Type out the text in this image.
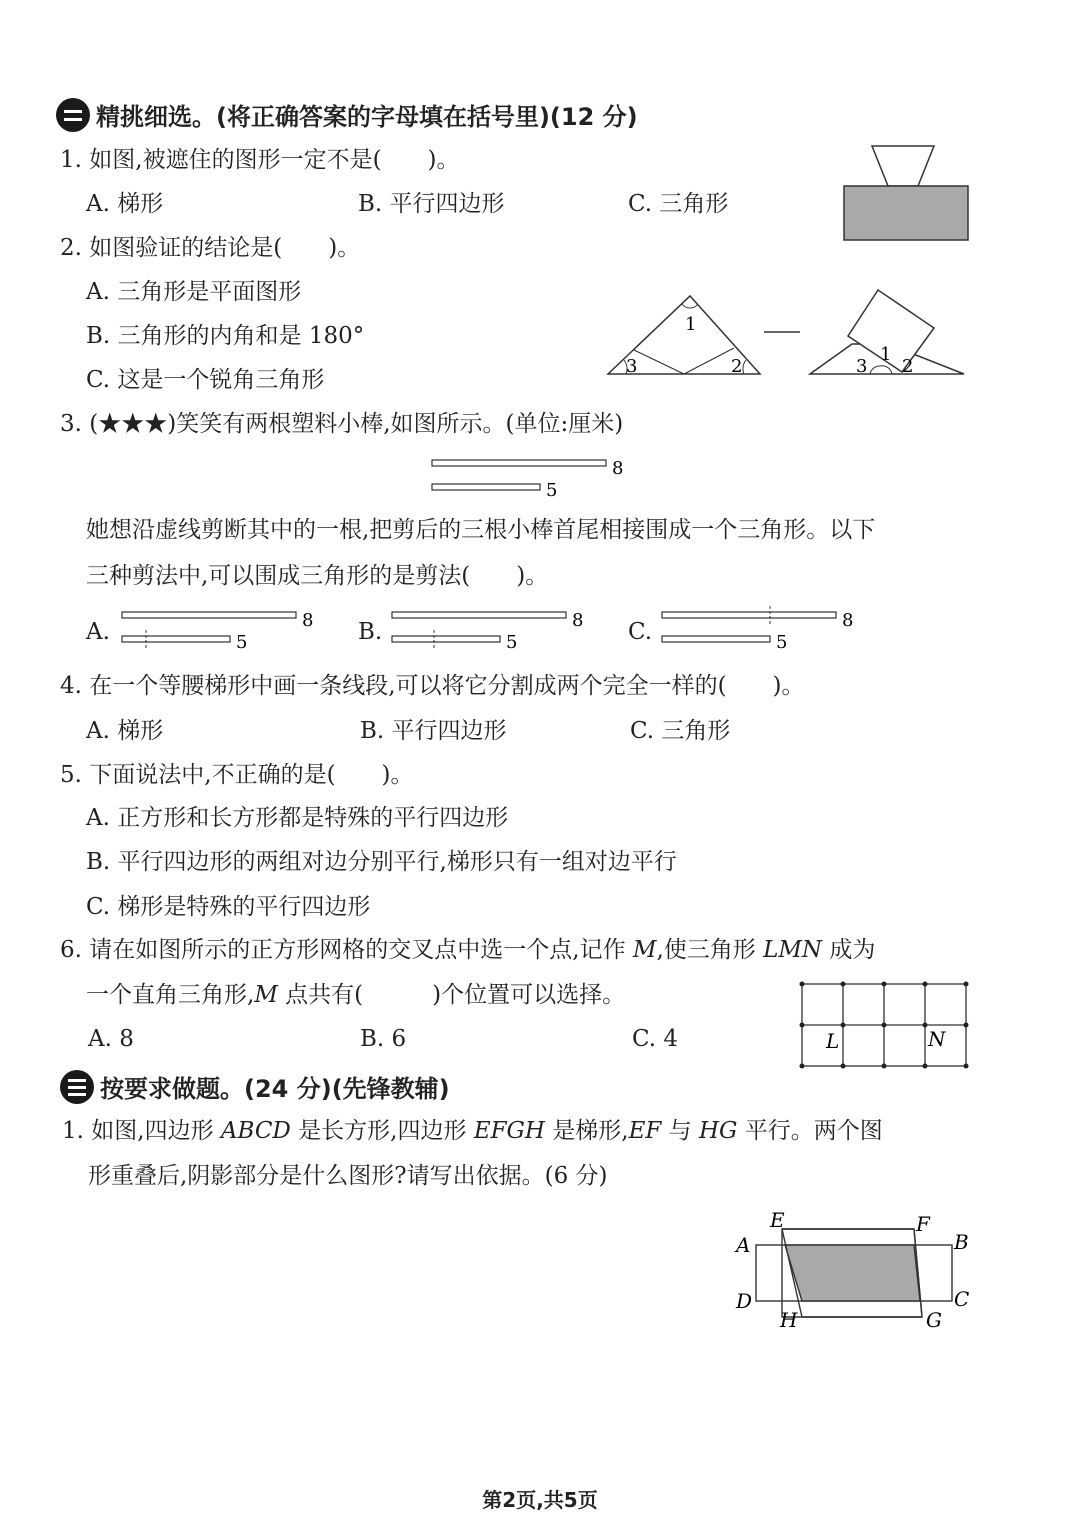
精挑细选。(将正确答案的字母填在括号里)(12 分)
1. 如图,被遮住的图形一定不是(　　)。
A. 梯形	B. 平行四边形	C. 三角形
2. 如图验证的结论是(　　)。
A. 三角形是平面图形
B. 三角形的内角和是 180°
C. 这是一个锐角三角形
1
3	2	3
1
2
3. (★★★)笑笑有两根塑料小棒,如图所示。(单位:厘米)
8
5
她想沿虚线剪断其中的一根,把剪后的三根小棒首尾相接围成一个三角形。以下
三种剪法中,可以围成三角形的是剪法(　　)。
A.	8
5	B.	8
5	C.	8
5
4. 在一个等腰梯形中画一条线段,可以将它分割成两个完全一样的(　　)。
A. 梯形	B. 平行四边形	C. 三角形
5. 下面说法中,不正确的是(　　)。
A. 正方形和长方形都是特殊的平行四边形
B. 平行四边形的两组对边分别平行,梯形只有一组对边平行
C. 梯形是特殊的平行四边形
6. 请在如图所示的正方形网格的交叉点中选一个点,记作 M,使三角形 LMN 成为
一个直角三角形,M 点共有(　　　)个位置可以选择。
A. 8	B. 6	C. 4	L	N
按要求做题。(24 分)(先锋教辅)
1. 如图,四边形 ABCD 是长方形,四边形 EFGH 是梯形,EF 与 HG 平行。两个图
形重叠后,阴影部分是什么图形?请写出依据。(6 分)
A	B
C
D
E	F
G
H
第2页,共5页
